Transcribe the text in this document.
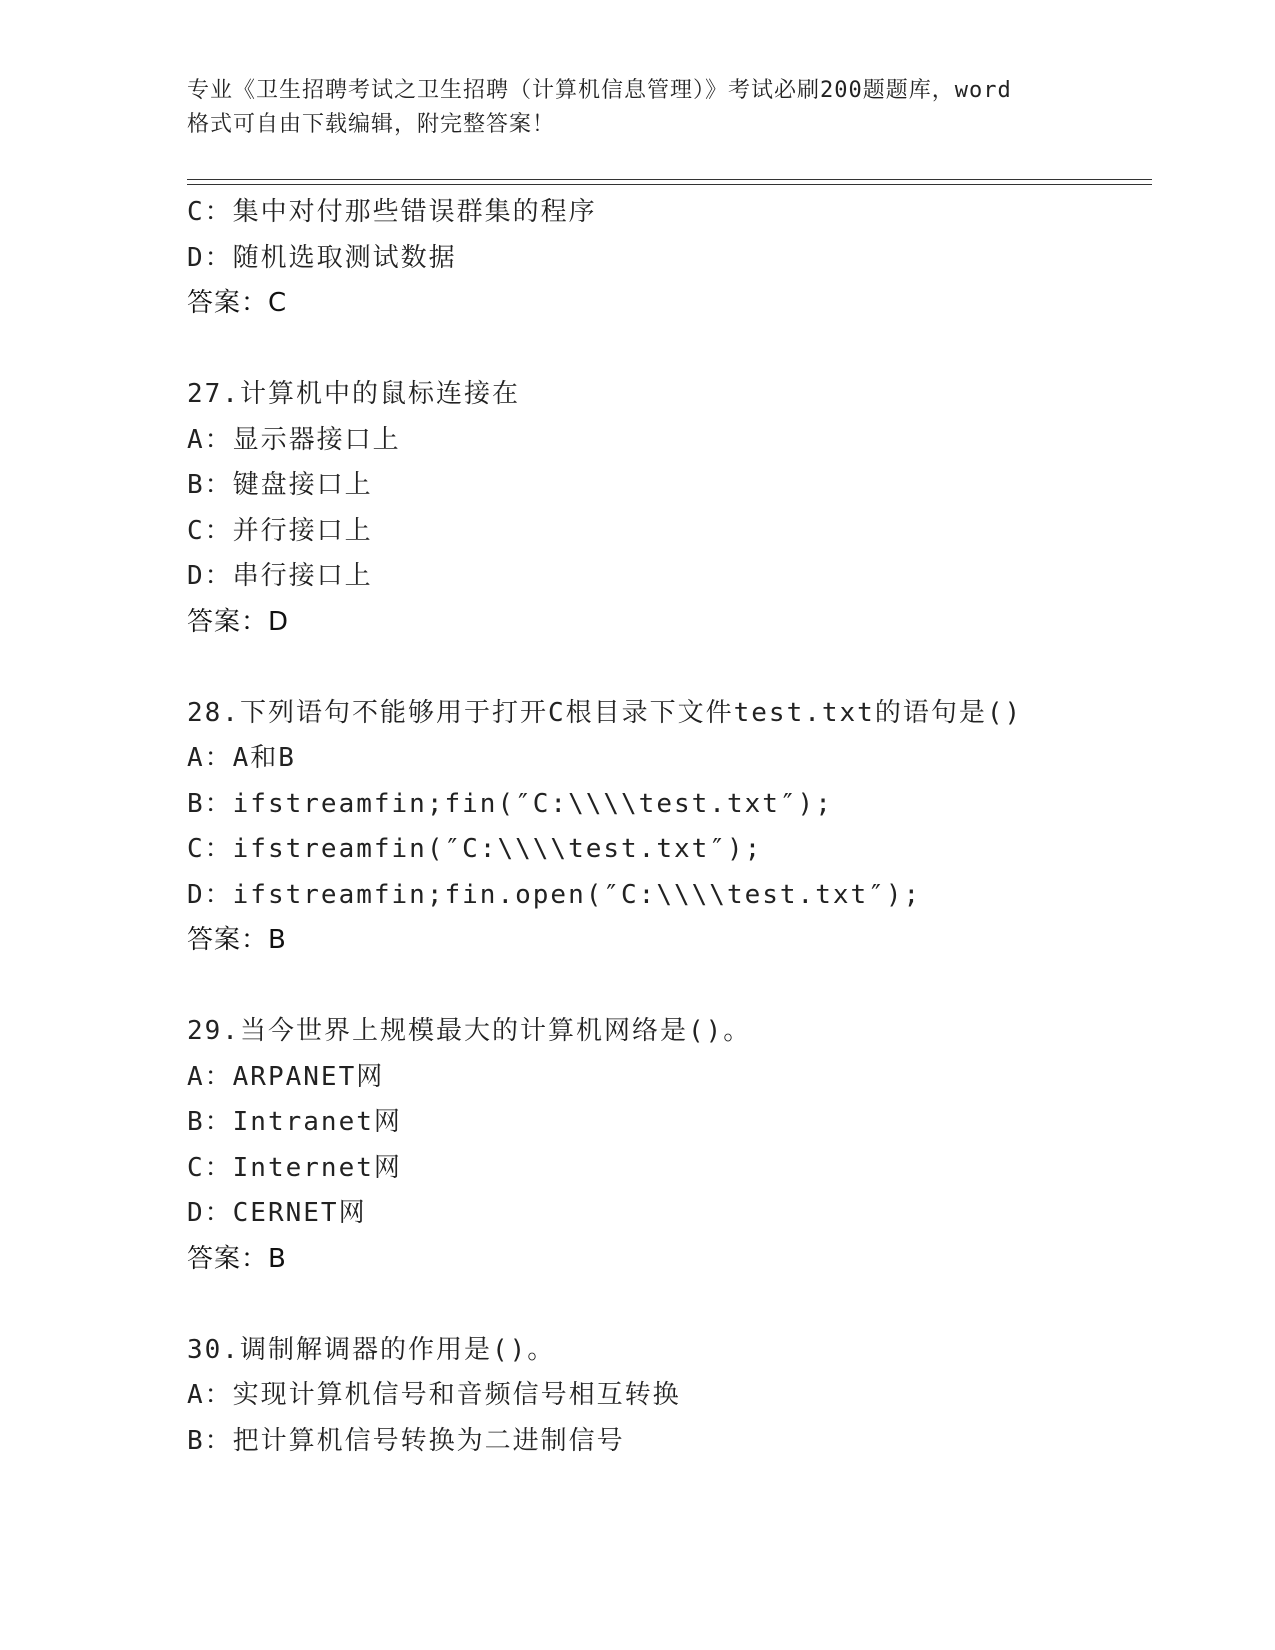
专业《卫生招聘考试之卫生招聘（计算机信息管理）》考试必刷200题题库，word
格式可自由下载编辑，附完整答案！
C：集中对付那些错误群集的程序
D：随机选取测试数据
答案：C
27.计算机中的鼠标连接在
A：显示器接口上
B：键盘接口上
C：并行接口上
D：串行接口上
答案：D
28.下列语句不能够用于打开C根目录下文件test.txt的语句是()
A：A和B
B：ifstreamfin;fin(″C:\\\\test.txt″);
C：ifstreamfin(″C:\\\\test.txt″);
D：ifstreamfin;fin.open(″C:\\\\test.txt″);
答案：B
29.当今世界上规模最大的计算机网络是()。
A：ARPANET网
B：Intranet网
C：Internet网
D：CERNET网
答案：B
30.调制解调器的作用是()。
A：实现计算机信号和音频信号相互转换
B：把计算机信号转换为二进制信号
